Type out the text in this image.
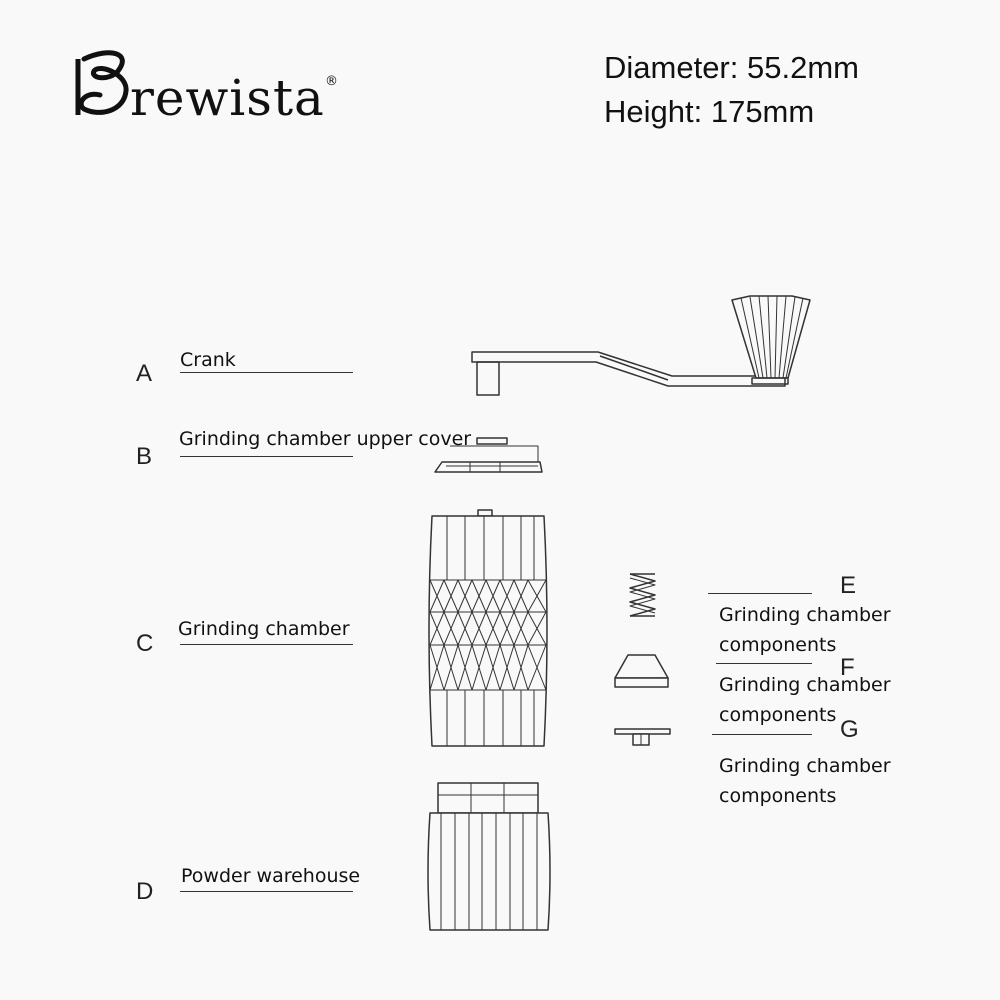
rewista ®	Diameter: 55.2mm
Height: 175mm
A
B
C
D
E
F
G
Crank
Grinding chamber upper cover
Grinding chamber
Powder warehouse
Grinding chamber components
Grinding chamber components
Grinding chamber components
